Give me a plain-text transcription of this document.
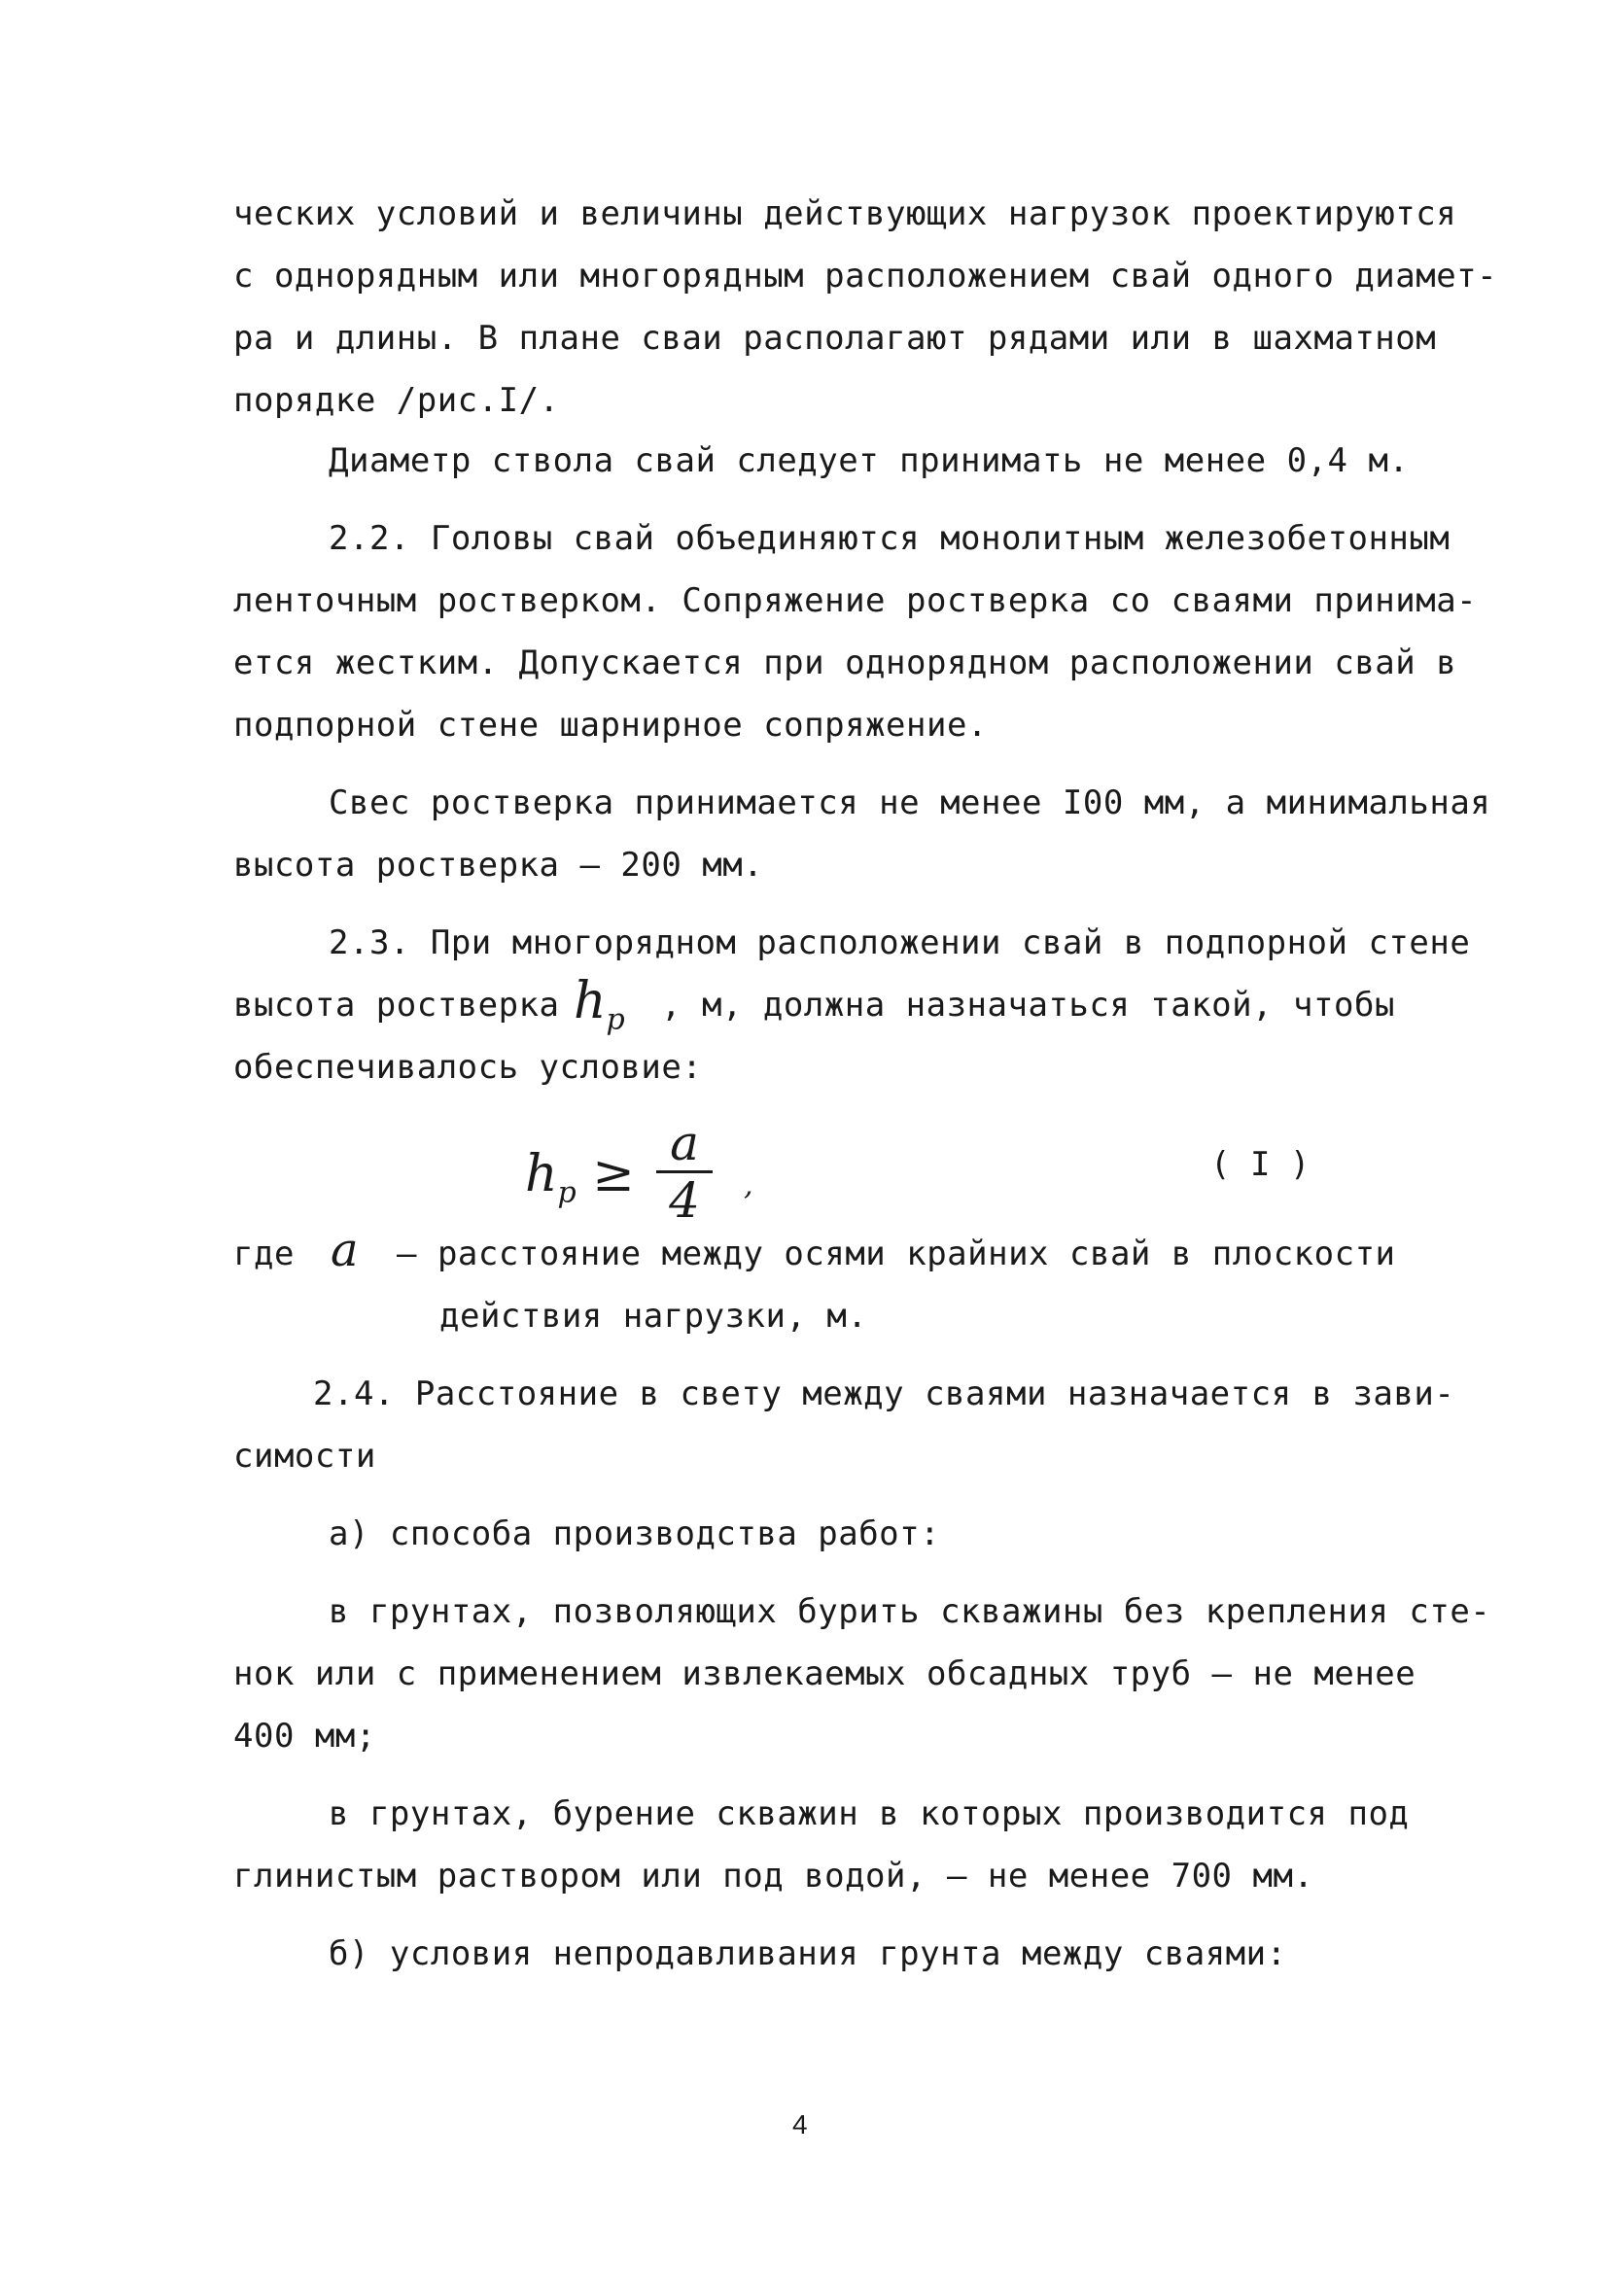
ческих условий и величины действующих нагрузок проектируются
с однорядным или многорядным расположением свай одного диамет-
ра и длины. В плане сваи располагают рядами или в шахматном
порядке /рис.I/.
Диаметр ствола свай следует принимать не менее 0,4 м.
2.2. Головы свай объединяются монолитным железобетонным
ленточным ростверком. Сопряжение ростверка со сваями принима-
ется жестким. Допускается при однорядном расположении свай в
подпорной стене шарнирное сопряжение.
Свес ростверка принимается не менее I00 мм, а минимальная
высота ростверка – 200 мм.
2.3. При многорядном расположении свай в подпорной стене
высота ростверка $h_p$ , м, должна назначаться такой, чтобы
обеспечивалось условие:
$h_p$ ≥
a
4	,
( I )
где a – расстояние между осями крайних свай в плоскости
действия нагрузки, м.
2.4. Расстояние в свету между сваями назначается в зави-
симости
а) способа производства работ:
в грунтах, позволяющих бурить скважины без крепления сте-
нок или с применением извлекаемых обсадных труб – не менее
400 мм;
в грунтах, бурение скважин в которых производится под
глинистым раствором или под водой, – не менее 700 мм.
б) условия непродавливания грунта между сваями:
4
